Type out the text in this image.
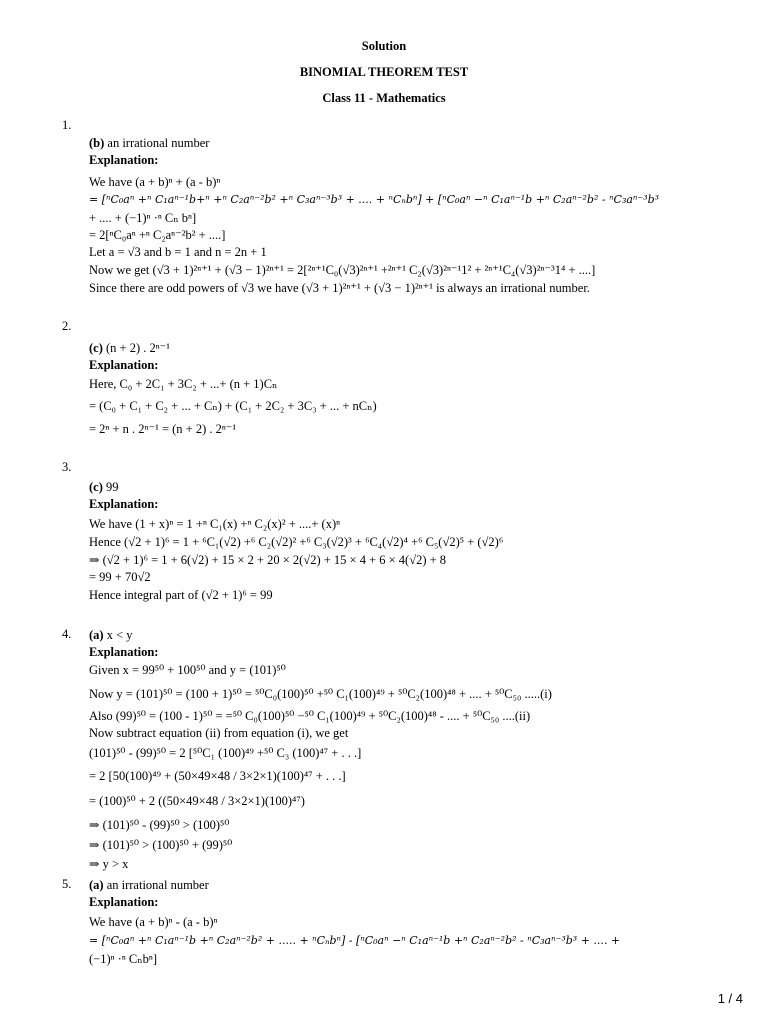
Solution
BINOMIAL THEOREM TEST
Class 11 - Mathematics
1.
(b) an irrational number
Explanation:
We have (a + b)ⁿ + (a - b)ⁿ
= [ⁿC₀aⁿ +ⁿ C₁aⁿ⁻¹b+ⁿ +ⁿ C₂aⁿ⁻²b² +ⁿ C₃aⁿ⁻³b³ + .... + ⁿCₙbⁿ] + [ⁿC₀aⁿ −ⁿ C₁aⁿ⁻¹b +ⁿ C₂aⁿ⁻²b² - ⁿC₃aⁿ⁻³b³
+ .... + (−1)ⁿ ·ⁿ Cₙ bⁿ]
= 2[ⁿC₀aⁿ +ⁿ C₂aⁿ⁻²b² + ....]
Let a = √3 and b = 1 and n = 2n + 1
Now we get (√3 + 1)²ⁿ⁺¹ + (√3 − 1)²ⁿ⁺¹ = 2[²ⁿ⁺¹C₀(√3)²ⁿ⁺¹ +²ⁿ⁺¹ C₂(√3)²ⁿ⁻¹1² + ²ⁿ⁺¹C₄(√3)²ⁿ⁻³1⁴ + ....]
Since there are odd powers of √3 we have (√3 + 1)²ⁿ⁺¹ + (√3 − 1)²ⁿ⁺¹ is always an irrational number.
2.
(c) (n + 2) . 2ⁿ⁻¹
Explanation:
Here, C₀ + 2C₁ + 3C₂ + ...+ (n + 1)Cₙ
= (C₀ + C₁ + C₂ + ... + Cₙ) + (C₁ + 2C₂ + 3C₃ + ... + nCₙ)
= 2ⁿ + n . 2ⁿ⁻¹ = (n + 2) . 2ⁿ⁻¹
3.
(c) 99
Explanation:
We have (1 + x)ⁿ = 1 +ⁿ C₁(x) +ⁿ C₂(x)² + ....+ (x)ⁿ
Hence (√2 + 1)⁶ = 1 + ⁶C₁(√2) +⁶ C₂(√2)² +⁶ C₃(√2)³ + ⁶C₄(√2)⁴ +⁶ C₅(√2)⁵ + (√2)⁶
⇒ (√2 + 1)⁶ = 1 + 6(√2) + 15 × 2 + 20 × 2(√2) + 15 × 4 + 6 × 4(√2) + 8
= 99 + 70√2
Hence integral part of (√2 + 1)⁶ = 99
4. (a) x < y
Explanation:
Given x = 99⁵⁰ + 100⁵⁰ and y = (101)⁵⁰
Now y = (101)⁵⁰ = (100 + 1)⁵⁰ = ⁵⁰C₀(100)⁵⁰ +⁵⁰ C₁(100)⁴⁹ + ⁵⁰C₂(100)⁴⁸ + .... + ⁵⁰C₅₀ .....(i)
Also (99)⁵⁰ = (100 - 1)⁵⁰ = =⁵⁰ C₀(100)⁵⁰ −⁵⁰ C₁(100)⁴⁹ + ⁵⁰C₂(100)⁴⁸ - .... + ⁵⁰C₅₀ ....(ii)
Now subtract equation (ii) from equation (i), we get
(101)⁵⁰ - (99)⁵⁰ = 2 [⁵⁰C₁ (100)⁴⁹ +⁵⁰ C₃ (100)⁴⁷ + . . .]
= 2 [50(100)⁴⁹ + (50×49×48 / 3×2×1)(100)⁴⁷ + . . .]
= (100)⁵⁰ + 2 ((50×49×48 / 3×2×1)(100)⁴⁷)
⇒ (101)⁵⁰ - (99)⁵⁰ > (100)⁵⁰
⇒ (101)⁵⁰ > (100)⁵⁰ + (99)⁵⁰
⇒ y > x
5. (a) an irrational number
Explanation:
We have (a + b)ⁿ - (a - b)ⁿ
= [ⁿC₀aⁿ +ⁿ C₁aⁿ⁻¹b +ⁿ C₂aⁿ⁻²b² + ..... + ⁿCₙbⁿ] - [ⁿC₀aⁿ −ⁿ C₁aⁿ⁻¹b +ⁿ C₂aⁿ⁻²b² - ⁿC₃aⁿ⁻³b³ + .... +
(−1)ⁿ ·ⁿ Cₙbⁿ]
1 / 4
